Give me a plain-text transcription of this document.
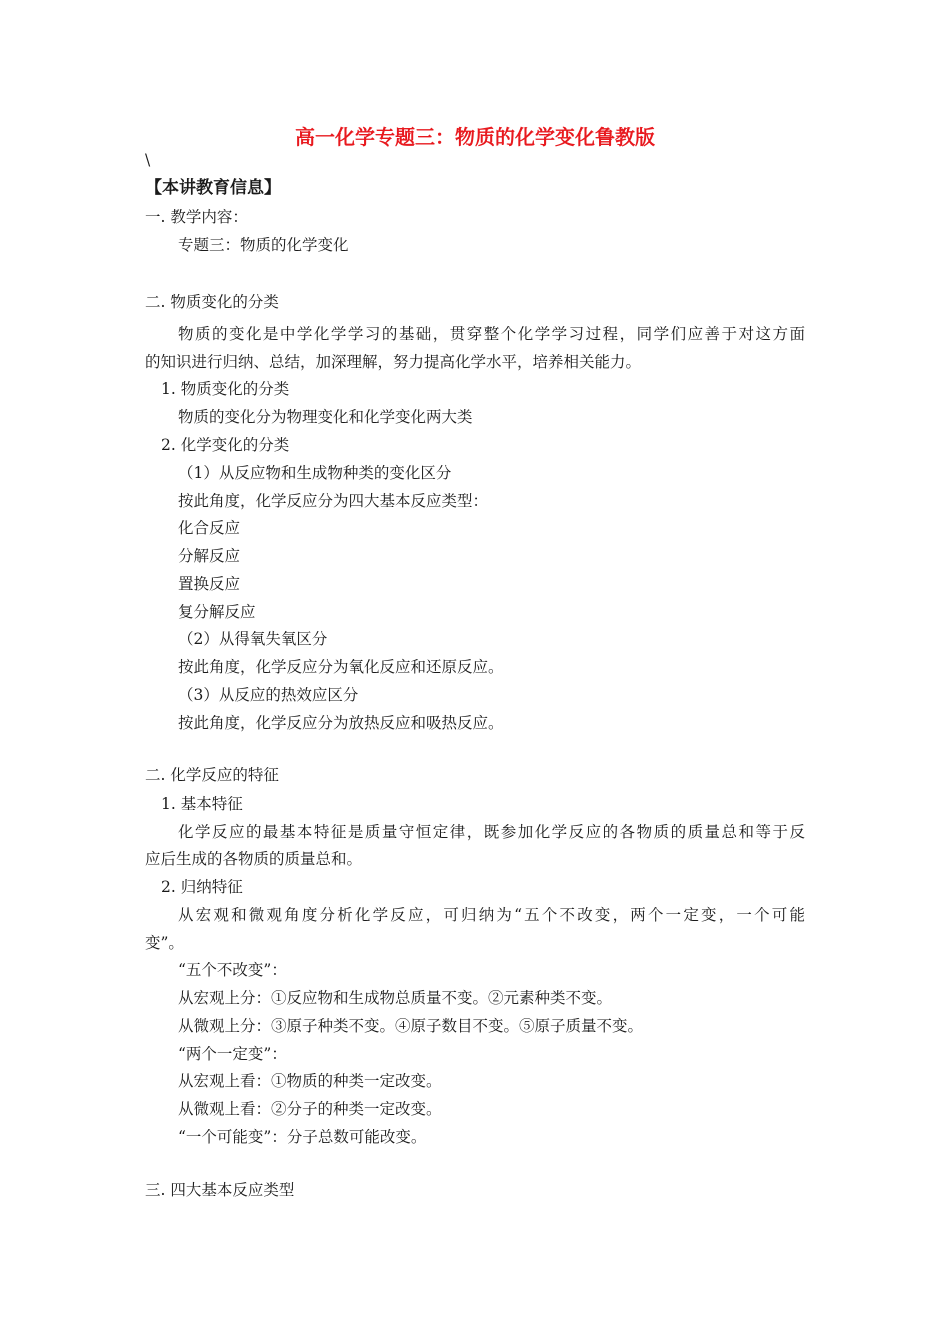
高一化学专题三：物质的化学变化鲁教版
\
【本讲教育信息】
一. 教学内容：
专题三：物质的化学变化
二. 物质变化的分类
物质的变化是中学化学学习的基础，贯穿整个化学学习过程，同学们应善于对这方面
的知识进行归纳、总结，加深理解，努力提高化学水平，培养相关能力。
1. 物质变化的分类
物质的变化分为物理变化和化学变化两大类
2. 化学变化的分类
（1）从反应物和生成物种类的变化区分
按此角度，化学反应分为四大基本反应类型：
化合反应
分解反应
置换反应
复分解反应
（2）从得氧失氧区分
按此角度，化学反应分为氧化反应和还原反应。
（3）从反应的热效应区分
按此角度，化学反应分为放热反应和吸热反应。
二. 化学反应的特征
1. 基本特征
化学反应的最基本特征是质量守恒定律，既参加化学反应的各物质的质量总和等于反
应后生成的各物质的质量总和。
2. 归纳特征
从宏观和微观角度分析化学反应，可归纳为“五个不改变，两个一定变，一个可能
变”。
“五个不改变”：
从宏观上分：①反应物和生成物总质量不变。②元素种类不变。
从微观上分：③原子种类不变。④原子数目不变。⑤原子质量不变。
“两个一定变”：
从宏观上看：①物质的种类一定改变。
从微观上看：②分子的种类一定改变。
“一个可能变”：分子总数可能改变。
三. 四大基本反应类型
